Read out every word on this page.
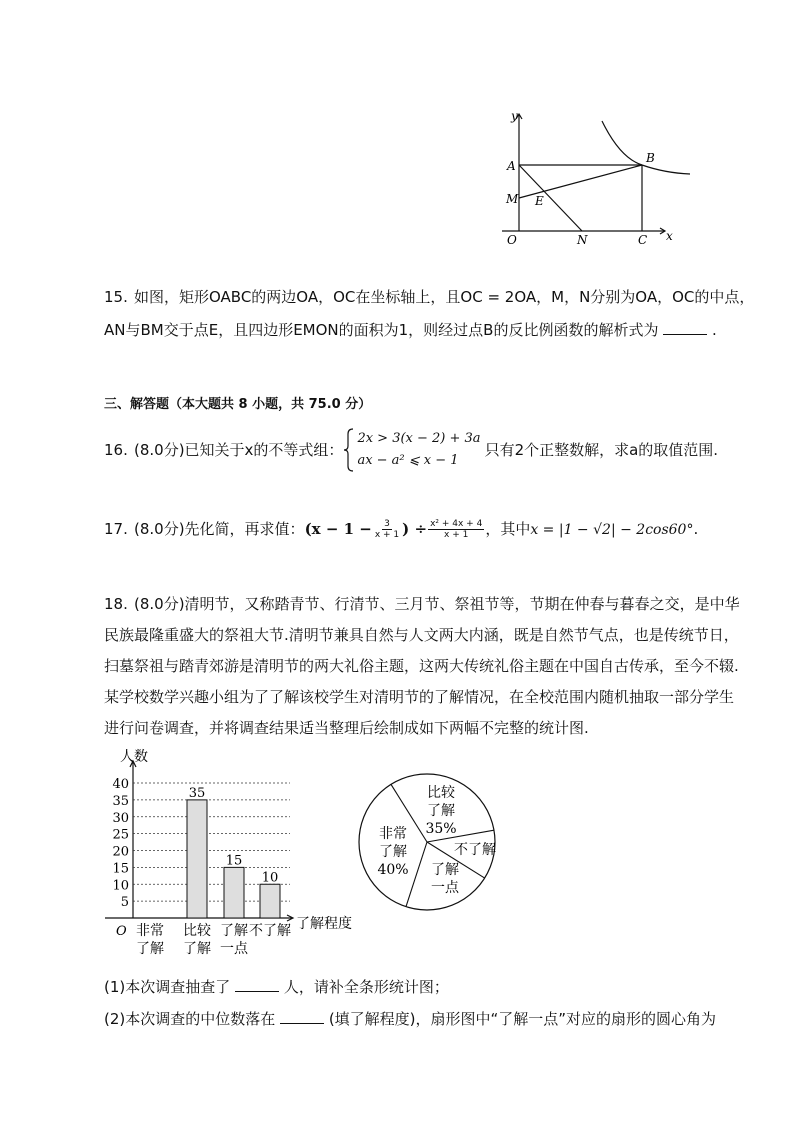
y
x
O
A
M E
N	C
B
15. 如图，矩形OABC的两边OA，OC在坐标轴上，且OC = 2OA，M，N分别为OA，OC的中点，
AN与BM交于点E，且四边形EMON的面积为1，则经过点B的反比例函数的解析式为	.
三、解答题（本大题共 8 小题，共 75.0 分）
16. (8.0分)已知关于x的不等式组：
2x > 3(x − 2) + 3a
ax − a² ⩽ x − 1
只有2个正整数解，求a的取值范围.
17. (8.0分)先化简，再求值：($x - 1 - \frac{3}{x + 1}$ ) ÷ $\frac{\text{x² + 4x + 4}}{x + 1}$ ，其中x = |1 − √2| − 2cos60°.
18. (8.0分)清明节，又称踏青节、行清节、三月节、祭祖节等，节期在仲春与暮春之交，是中华
民族最隆重盛大的祭祖大节.清明节兼具自然与人文两大内涵，既是自然节气点，也是传统节日，
扫墓祭祖与踏青郊游是清明节的两大礼俗主题，这两大传统礼俗主题在中国自古传承，至今不辍.
某学校数学兴趣小组为了了解该校学生对清明节的了解情况，在全校范围内随机抽取一部分学生
进行问卷调查，并将调查结果适当整理后绘制成如下两幅不完整的统计图.
人数
了解程度
O
5
10
15
20
25
30
35
40
非常
了解
35
比较
了解
15
了解
一点
10
不了解
非常
了解
40%
比较
了解
35%
不了解
了解
一点
(1)本次调查抽查了	人，请补全条形统计图；
(2)本次调查的中位数落在	(填了解程度)，扇形图中“了解一点”对应的扇形的圆心角为
